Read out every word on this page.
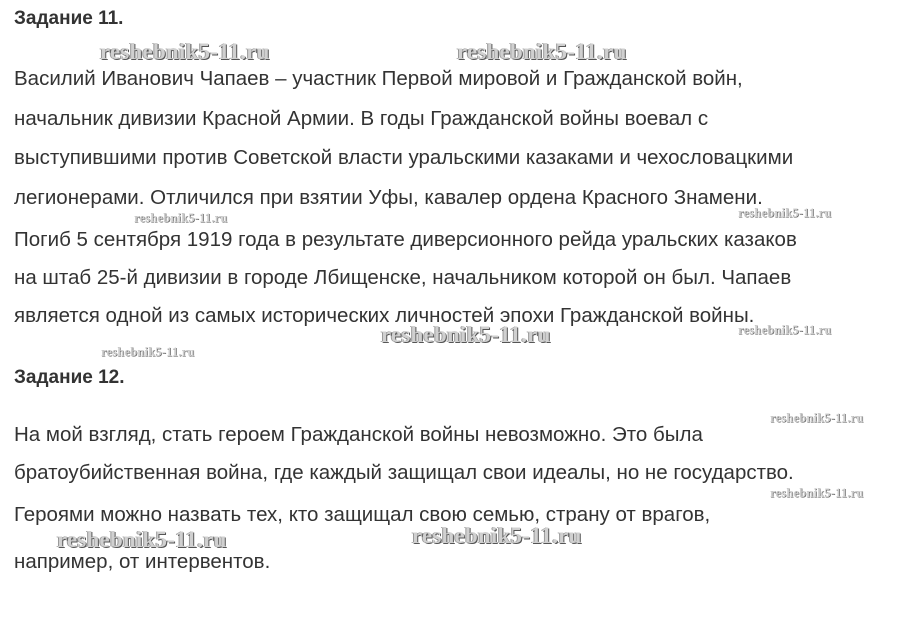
Задание 11.
Василий Иванович Чапаев – участник Первой мировой и Гражданской войн,
начальник дивизии Красной Армии. В годы Гражданской войны воевал с
выступившими против Советской власти уральскими казаками и чехословацкими
легионерами. Отличился при взятии Уфы, кавалер ордена Красного Знамени.
Погиб 5 сентября 1919 года в результате диверсионного рейда уральских казаков
на штаб 25-й дивизии в городе Лбищенске, начальником которой он был. Чапаев
является одной из самых исторических личностей эпохи Гражданской войны.
Задание 12.
На мой взгляд, стать героем Гражданской войны невозможно. Это была
братоубийственная война, где каждый защищал свои идеалы, но не государство.
Героями можно назвать тех, кто защищал свою семью, страну от врагов,
например, от интервентов.
reshebnik5-11.ru	reshebnik5-11.ru
reshebnik5-11.ru	reshebnik5-11.ru
reshebnik5-11.ru	reshebnik5-11.ru
reshebnik5-11.ru
reshebnik5-11.ru
reshebnik5-11.ru
reshebnik5-11.ru	reshebnik5-11.ru
